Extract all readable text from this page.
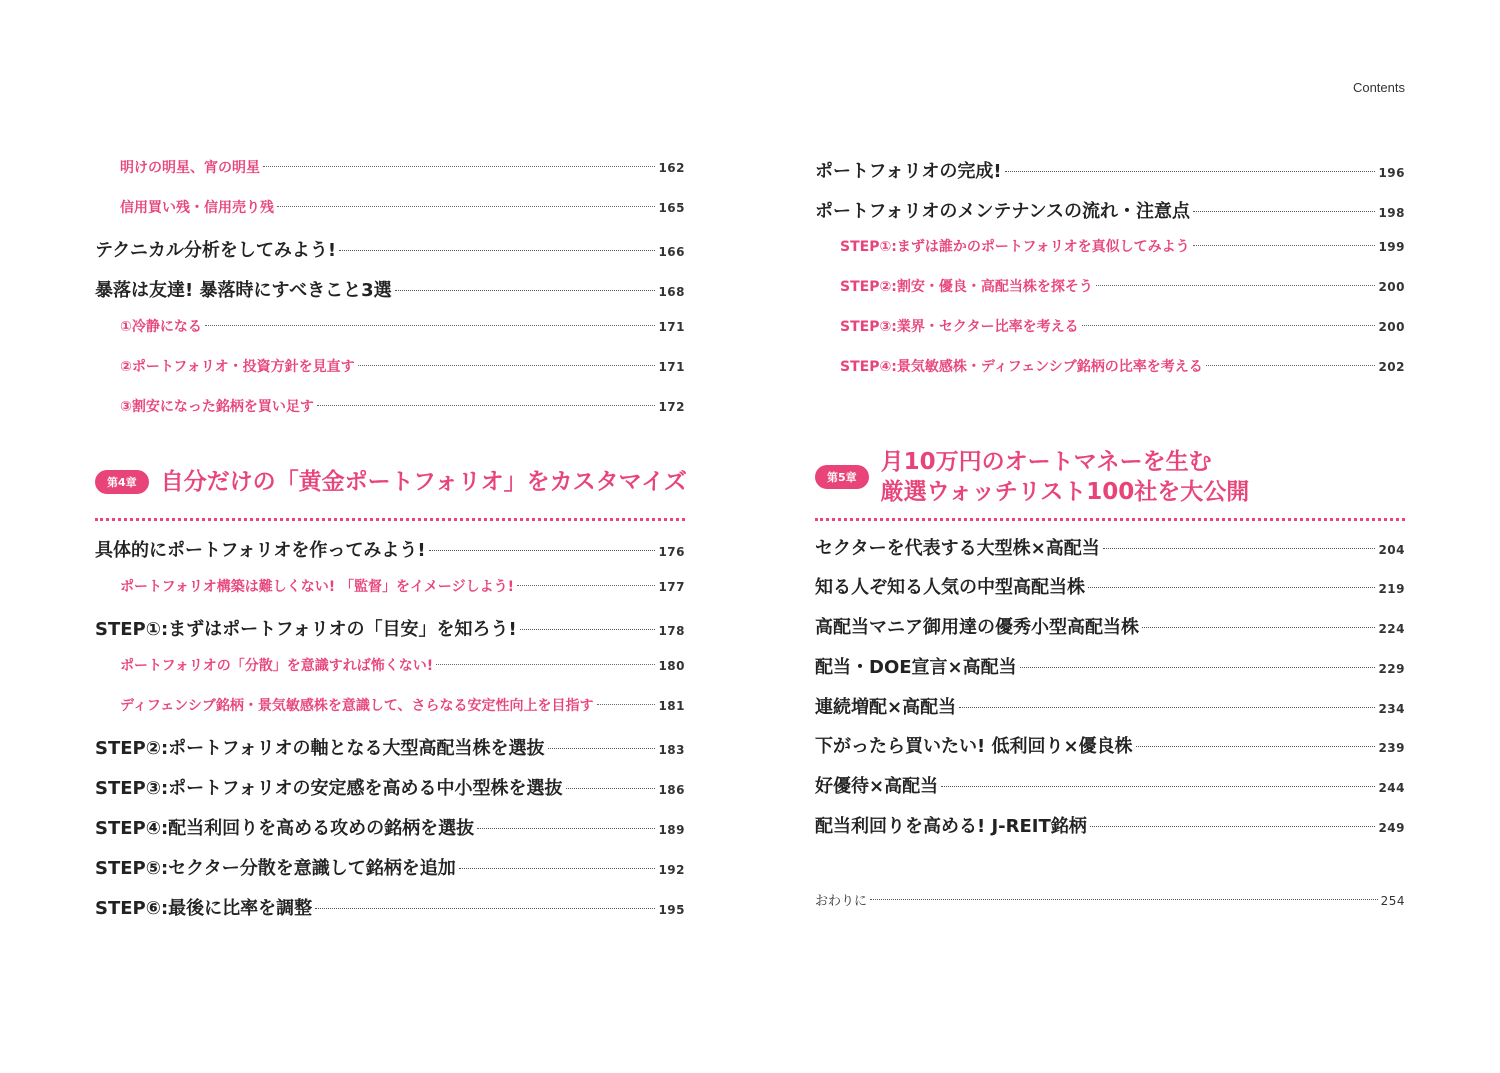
明けの明星、宵の明星	162
信用買い残・信用売り残	165
テクニカル分析をしてみよう!	166
暴落は友達! 暴落時にすべきこと3選	168
①冷静になる	171
②ポートフォリオ・投資方針を見直す	171
③割安になった銘柄を買い足す	172
第4章	自分だけの「黄金ポートフォリオ」をカスタマイズ
具体的にポートフォリオを作ってみよう!	176
ポートフォリオ構築は難しくない! 「監督」をイメージしよう!	177
STEP①:まずはポートフォリオの「目安」を知ろう!	178
ポートフォリオの「分散」を意識すれば怖くない!	180
ディフェンシブ銘柄・景気敏感株を意識して、さらなる安定性向上を目指す	181
STEP②:ポートフォリオの軸となる大型高配当株を選抜	183
STEP③:ポートフォリオの安定感を高める中小型株を選抜	186
STEP④:配当利回りを高める攻めの銘柄を選抜	189
STEP⑤:セクター分散を意識して銘柄を追加	192
STEP⑥:最後に比率を調整	195
Contents
ポートフォリオの完成!	196
ポートフォリオのメンテナンスの流れ・注意点	198
STEP①:まずは誰かのポートフォリオを真似してみよう	199
STEP②:割安・優良・高配当株を探そう	200
STEP③:業界・セクター比率を考える	200
STEP④:景気敏感株・ディフェンシブ銘柄の比率を考える	202
第5章
月10万円のオートマネーを生む
厳選ウォッチリスト100社を大公開
セクターを代表する大型株×高配当	204
知る人ぞ知る人気の中型高配当株	219
高配当マニア御用達の優秀小型高配当株	224
配当・DOE宣言×高配当	229
連続増配×高配当	234
下がったら買いたい! 低利回り×優良株	239
好優待×高配当	244
配当利回りを高める! J-REIT銘柄	249
おわりに	254
